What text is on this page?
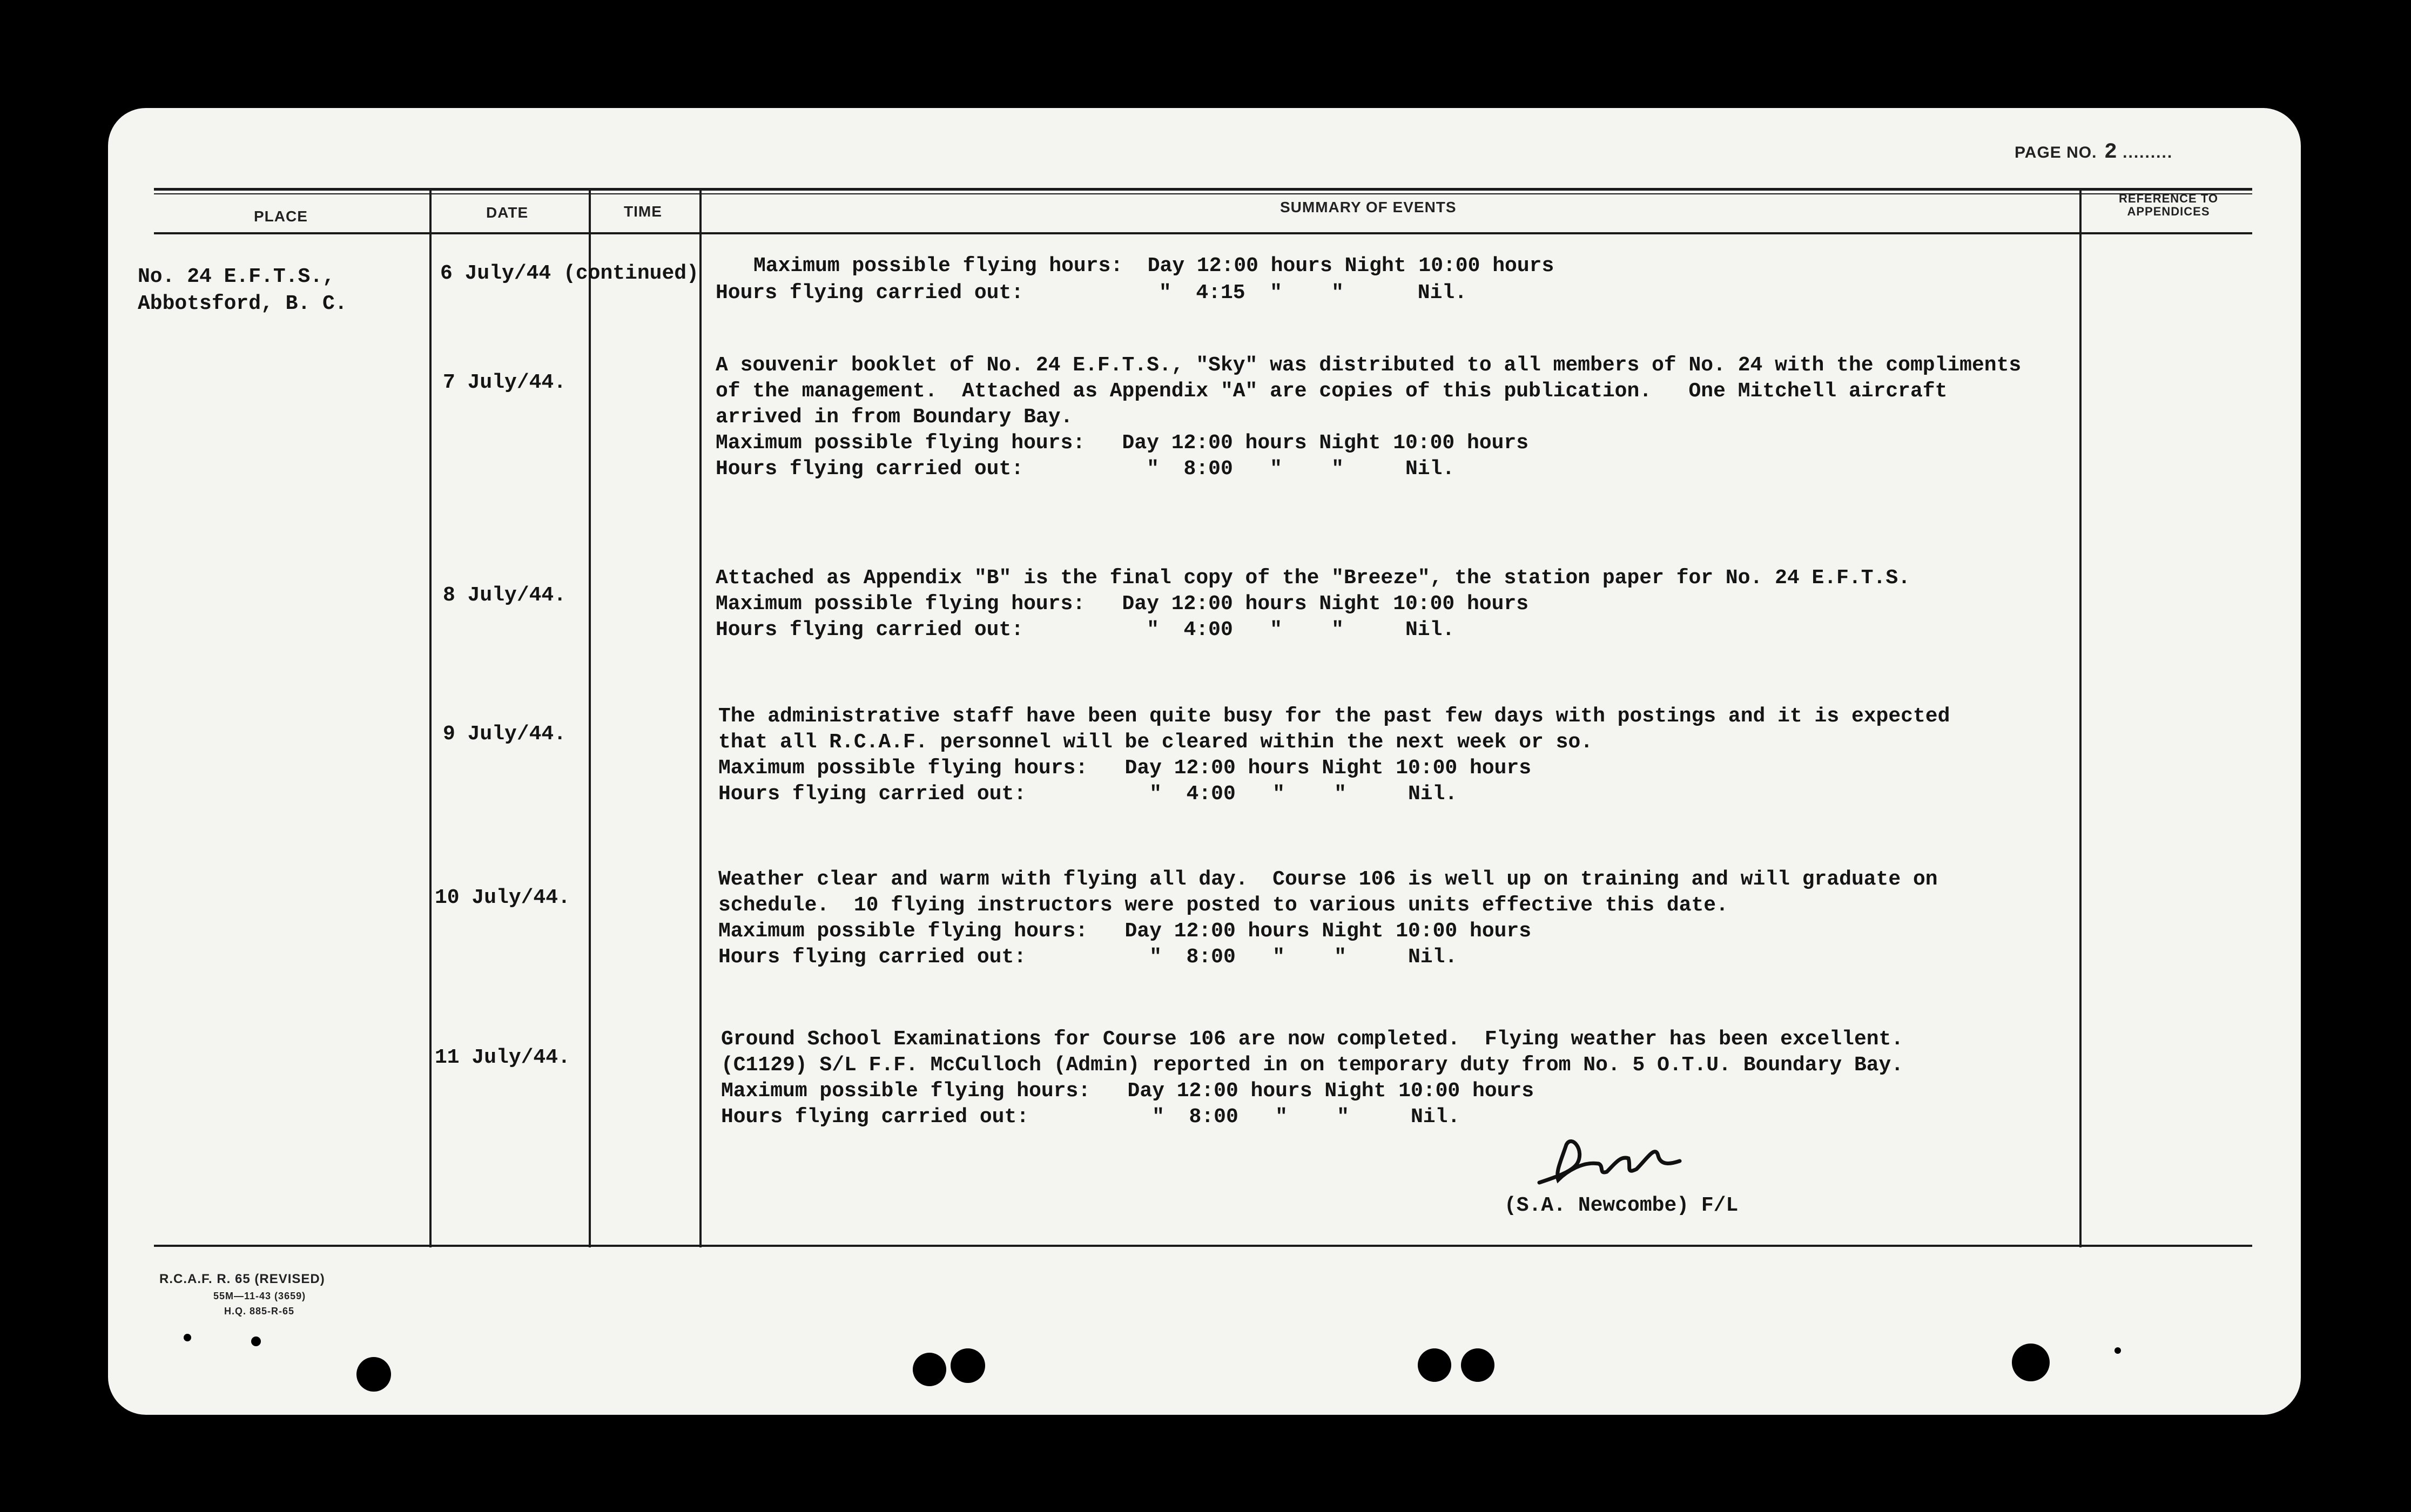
PAGE NO. 2 .........
PLACE	DATE	TIME	SUMMARY OF EVENTS
REFERENCE TO APPENDICES
No. 24 E.F.T.S.,
Abbotsford, B. C.
6 July/44 (continued)	Maximum possible flying hours:  Day 12:00 hours Night 10:00 hours
Hours flying carried out:           "  4:15  "    "      Nil.
7 July/44.
A souvenir booklet of No. 24 E.F.T.S., "Sky" was distributed to all members of No. 24 with the compliments
of the management.  Attached as Appendix "A" are copies of this publication.   One Mitchell aircraft
arrived in from Boundary Bay.
Maximum possible flying hours:   Day 12:00 hours Night 10:00 hours
Hours flying carried out:          "  8:00   "    "     Nil.
8 July/44.
Attached as Appendix "B" is the final copy of the "Breeze", the station paper for No. 24 E.F.T.S.
Maximum possible flying hours:   Day 12:00 hours Night 10:00 hours
Hours flying carried out:          "  4:00   "    "     Nil.
9 July/44.
The administrative staff have been quite busy for the past few days with postings and it is expected
that all R.C.A.F. personnel will be cleared within the next week or so.
Maximum possible flying hours:   Day 12:00 hours Night 10:00 hours
Hours flying carried out:          "  4:00   "    "     Nil.
10 July/44.
Weather clear and warm with flying all day.  Course 106 is well up on training and will graduate on
schedule.  10 flying instructors were posted to various units effective this date.
Maximum possible flying hours:   Day 12:00 hours Night 10:00 hours
Hours flying carried out:          "  8:00   "    "     Nil.
11 July/44.
Ground School Examinations for Course 106 are now completed.  Flying weather has been excellent.
(C1129) S/L F.F. McCulloch (Admin) reported in on temporary duty from No. 5 O.T.U. Boundary Bay.
Maximum possible flying hours:   Day 12:00 hours Night 10:00 hours
Hours flying carried out:          "  8:00   "    "     Nil.
(S.A. Newcombe) F/L
R.C.A.F. R. 65 (REVISED)
55M—11-43 (3659)
H.Q. 885-R-65
